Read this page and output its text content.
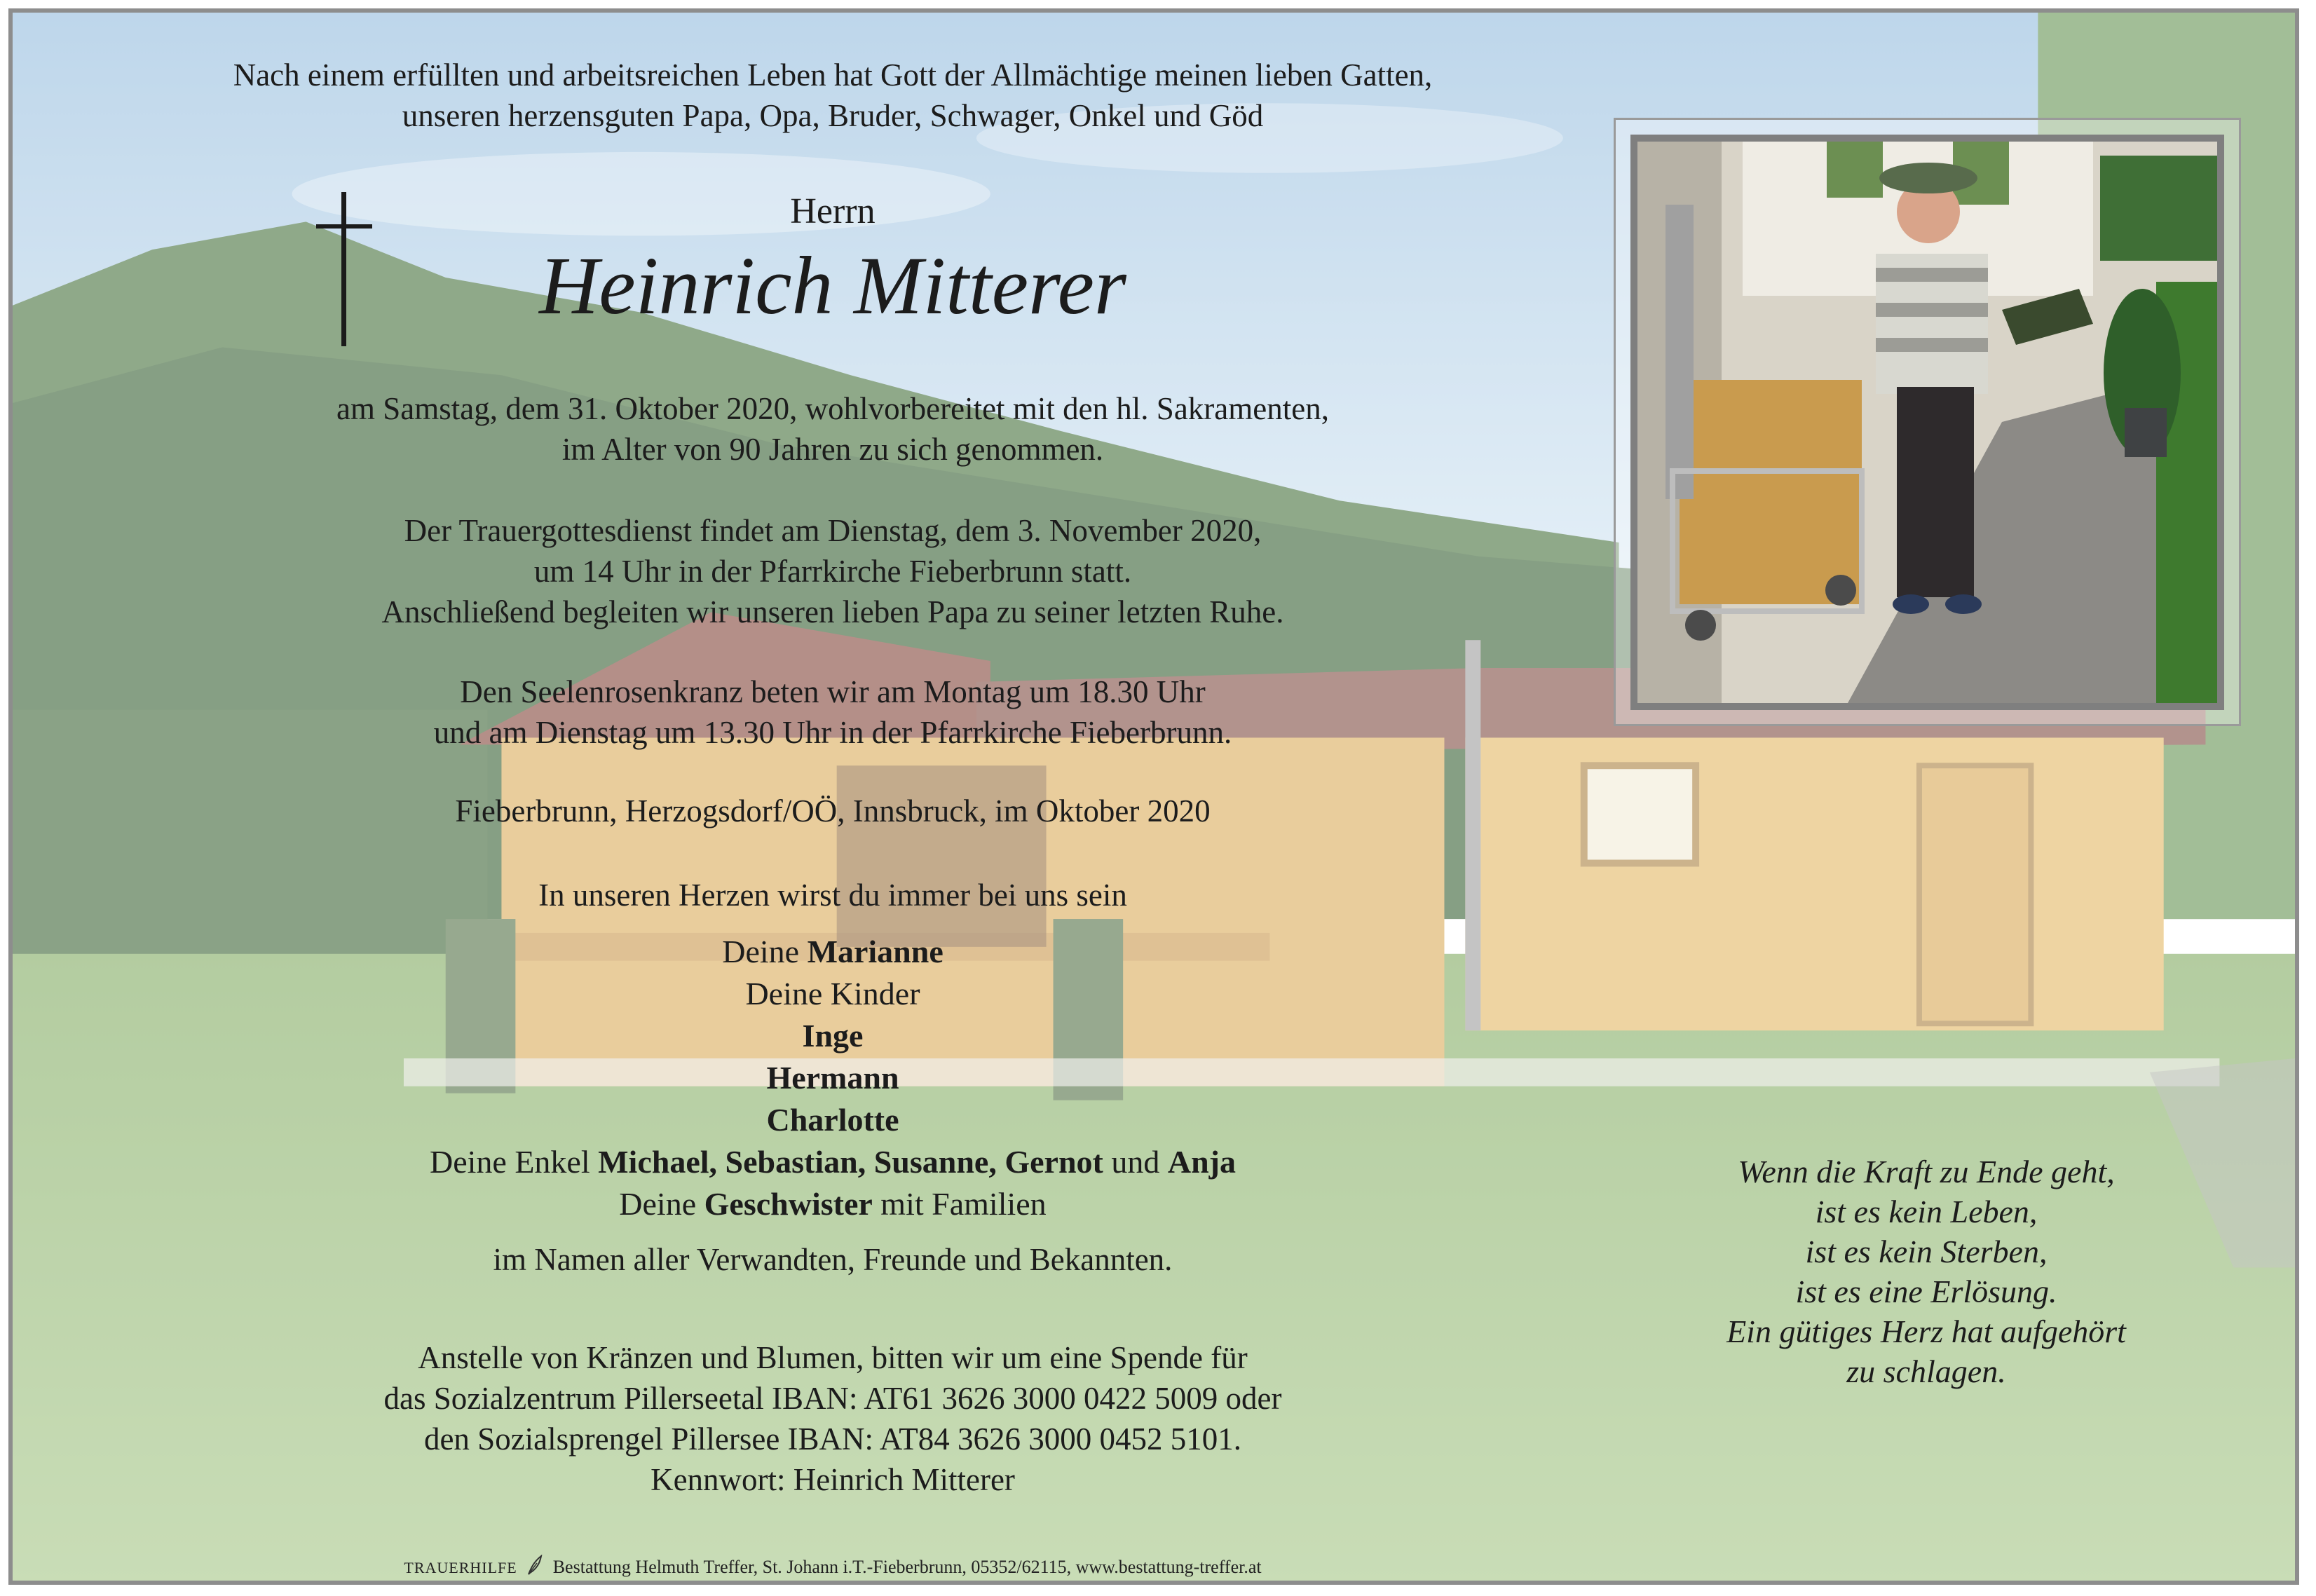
Nach einem erfüllten und arbeitsreichen Leben hat Gott der Allmächtige meinen lieben Gatten,

unseren herzensguten Papa, Opa, Bruder, Schwager, Onkel und Göd

Herrn
Heinrich Mitterer

am Samstag, dem 31. Oktober 2020, wohlvorbereitet mit den hl. Sakramenten,

im Alter von 90 Jahren zu sich genommen.

Der Trauergottesdienst findet am Dienstag, dem 3. November 2020,

um 14 Uhr in der Pfarrkirche Fieberbrunn statt.

Anschließend begleiten wir unseren lieben Papa zu seiner letzten Ruhe.

Den Seelenrosenkranz beten wir am Montag um 18.30 Uhr

und am Dienstag um 13.30 Uhr in der Pfarrkirche Fieberbrunn.

Fieberbrunn, Herzogsdorf/OÖ, Innsbruck, im Oktober 2020
In unseren Herzen wirst du immer bei uns sein
Deine Marianne
Deine Kinder
Inge
Hermann
Charlotte
Deine Enkel Michael, Sebastian, Susanne, Gernot und Anja
Deine Geschwister mit Familien
im Namen aller Verwandten, Freunde und Bekannten.

Anstelle von Kränzen und Blumen, bitten wir um eine Spende für

das Sozialzentrum Pillerseetal IBAN: AT61 3626 3000 0422 5009 oder

den Sozialsprengel Pillersee IBAN: AT84 3626 3000 0452 5101.

Kennwort: Heinrich Mitterer

Wenn die Kraft zu Ende geht,
ist es kein Leben,
ist es kein Sterben,
ist es eine Erlösung.
Ein gütiges Herz hat aufgehört
zu schlagen.
TRAUERHILFE Bestattung Helmuth Treffer, St. Johann i.T.-Fieberbrunn, 05352/62115, www.bestattung-treffer.at
